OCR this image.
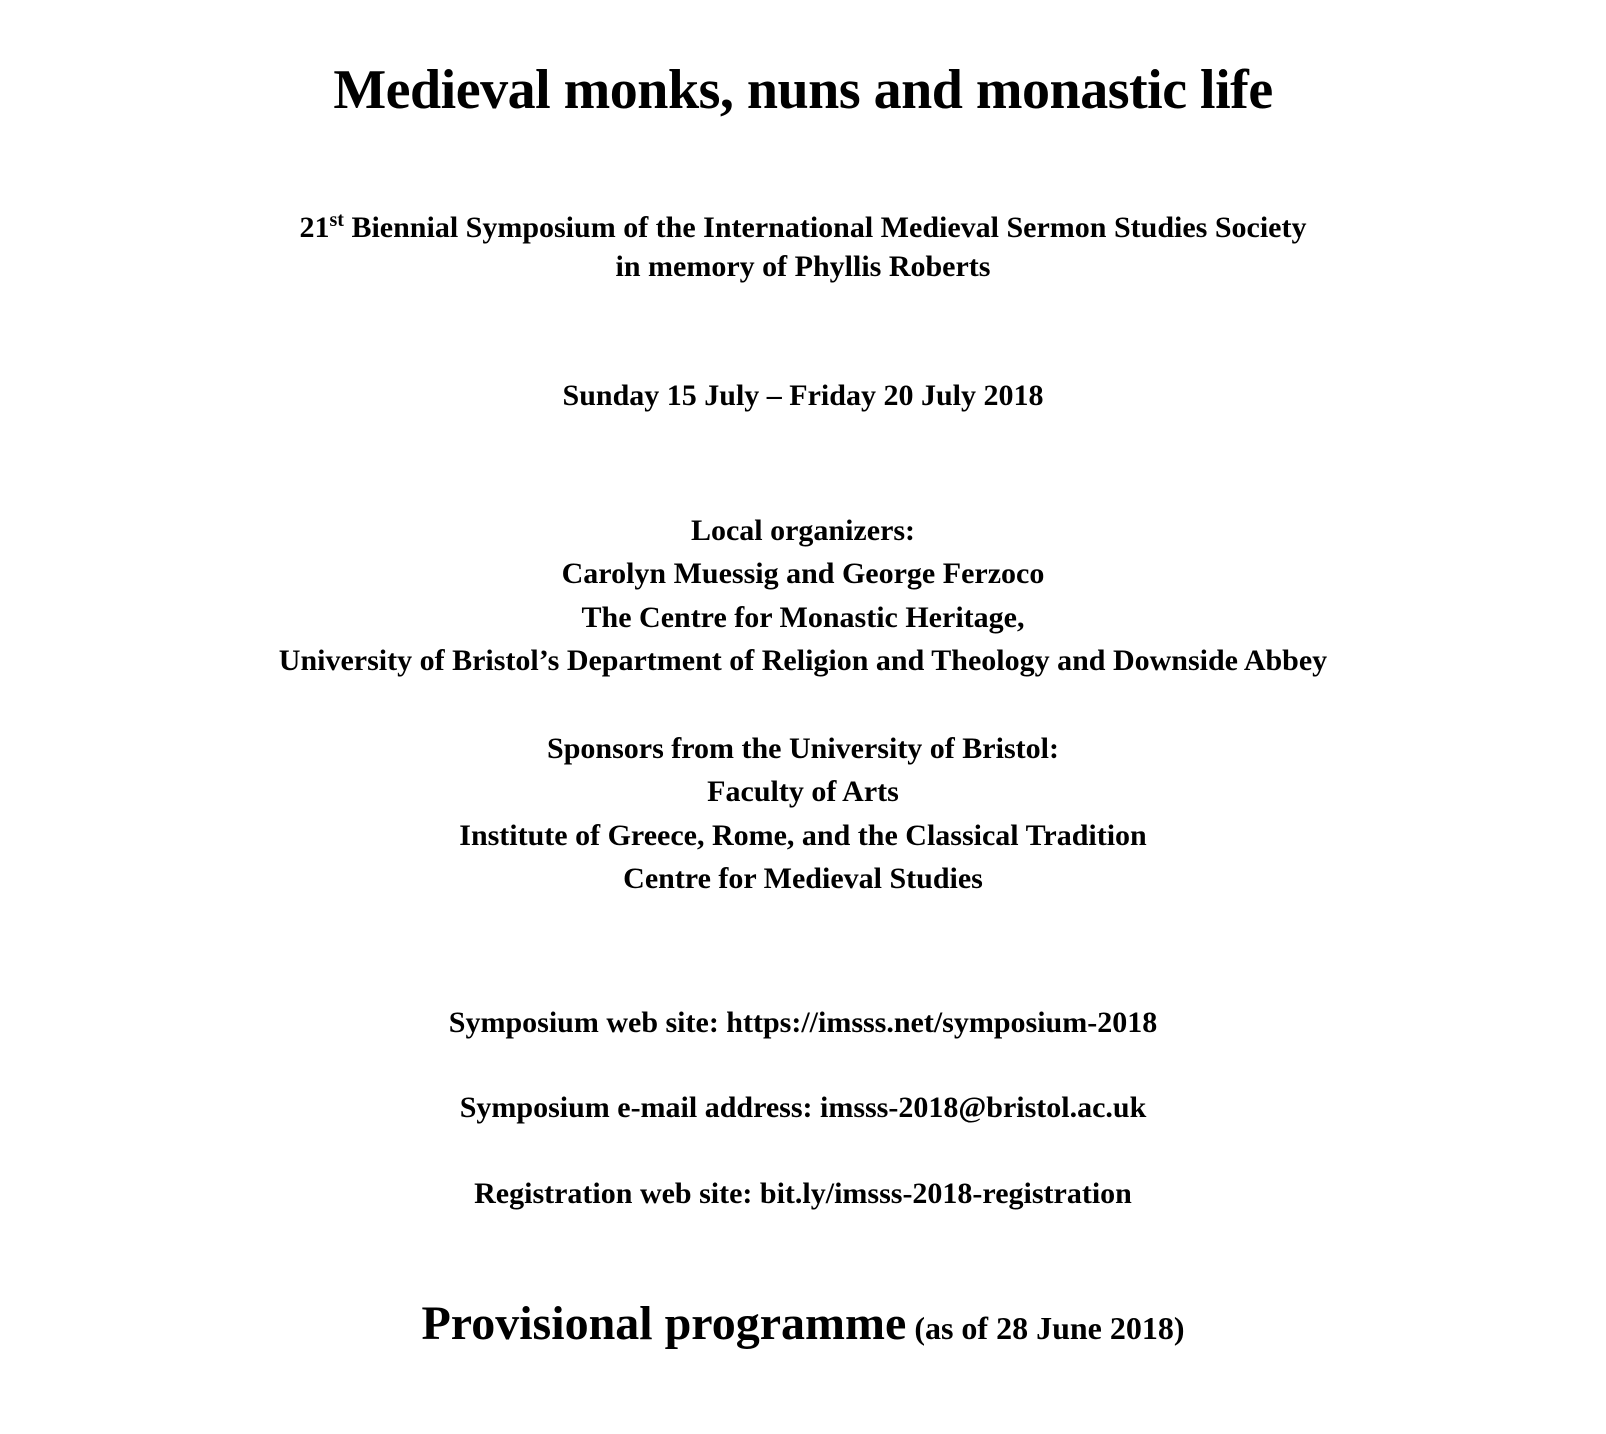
Medieval monks, nuns and monastic life

21st Biennial Symposium of the International Medieval Sermon Studies Society
in memory of Phyllis Roberts

Sunday 15 July – Friday 20 July 2018

Local organizers:
Carolyn Muessig and George Ferzoco
The Centre for Monastic Heritage,
University of Bristol’s Department of Religion and Theology and Downside Abbey
Sponsors from the University of Bristol:
Faculty of Arts
Institute of Greece, Rome, and the Classical Tradition
Centre for Medieval Studies

Symposium web site: https://imsss.net/symposium-2018

Symposium e-mail address: imsss-2018@bristol.ac.uk

Registration web site: bit.ly/imsss-2018-registration

Provisional programme (as of 28 June 2018)
